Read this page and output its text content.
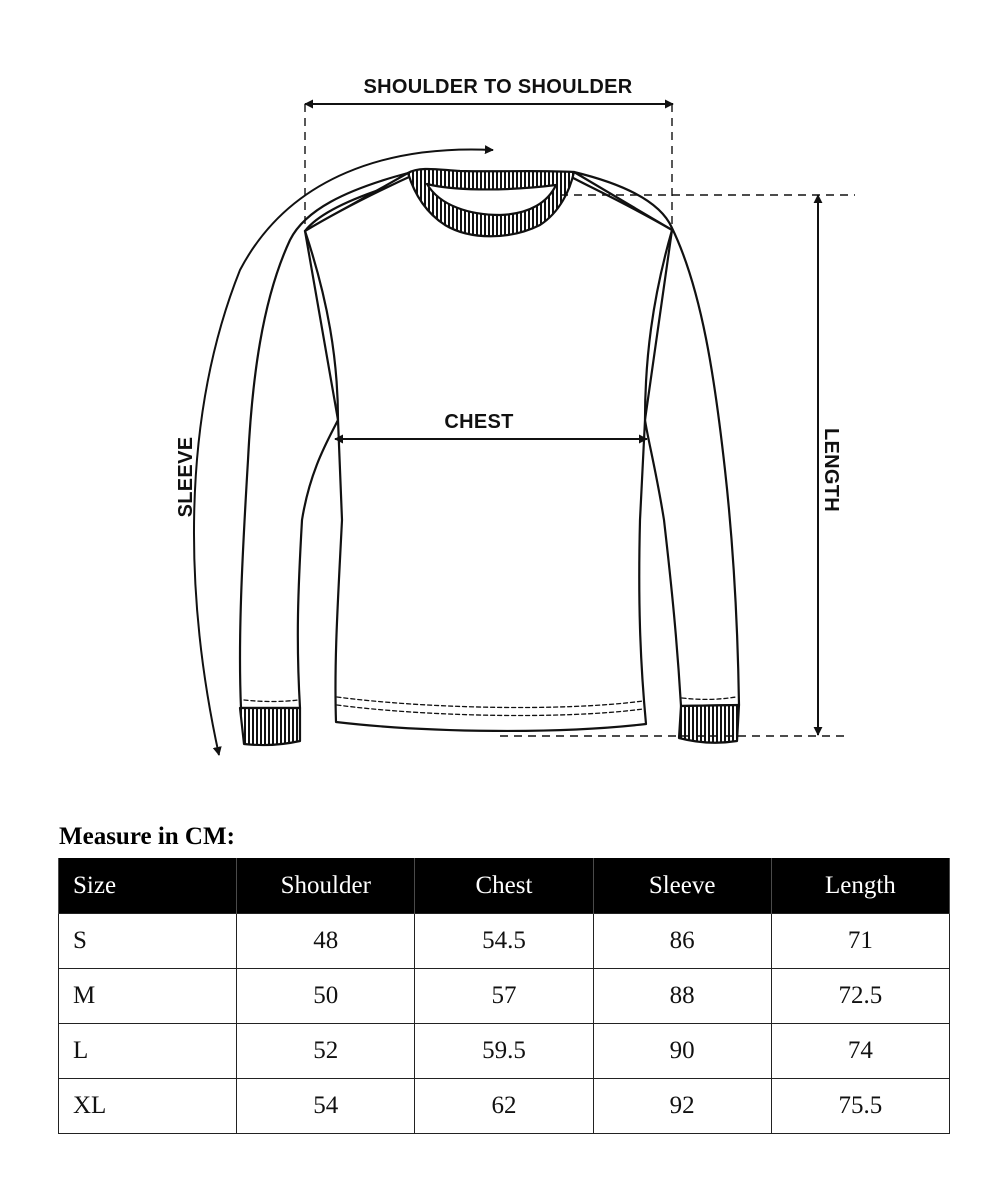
SHOULDER TO SHOULDER
CHEST
SLEEVE	LENGTH
Measure in CM:
Size	Shoulder	Chest	Sleeve	Length
S	48	54.5	86	71
M	50	57	88	72.5
L	52	59.5	90	74
XL	54	62	92	75.5
